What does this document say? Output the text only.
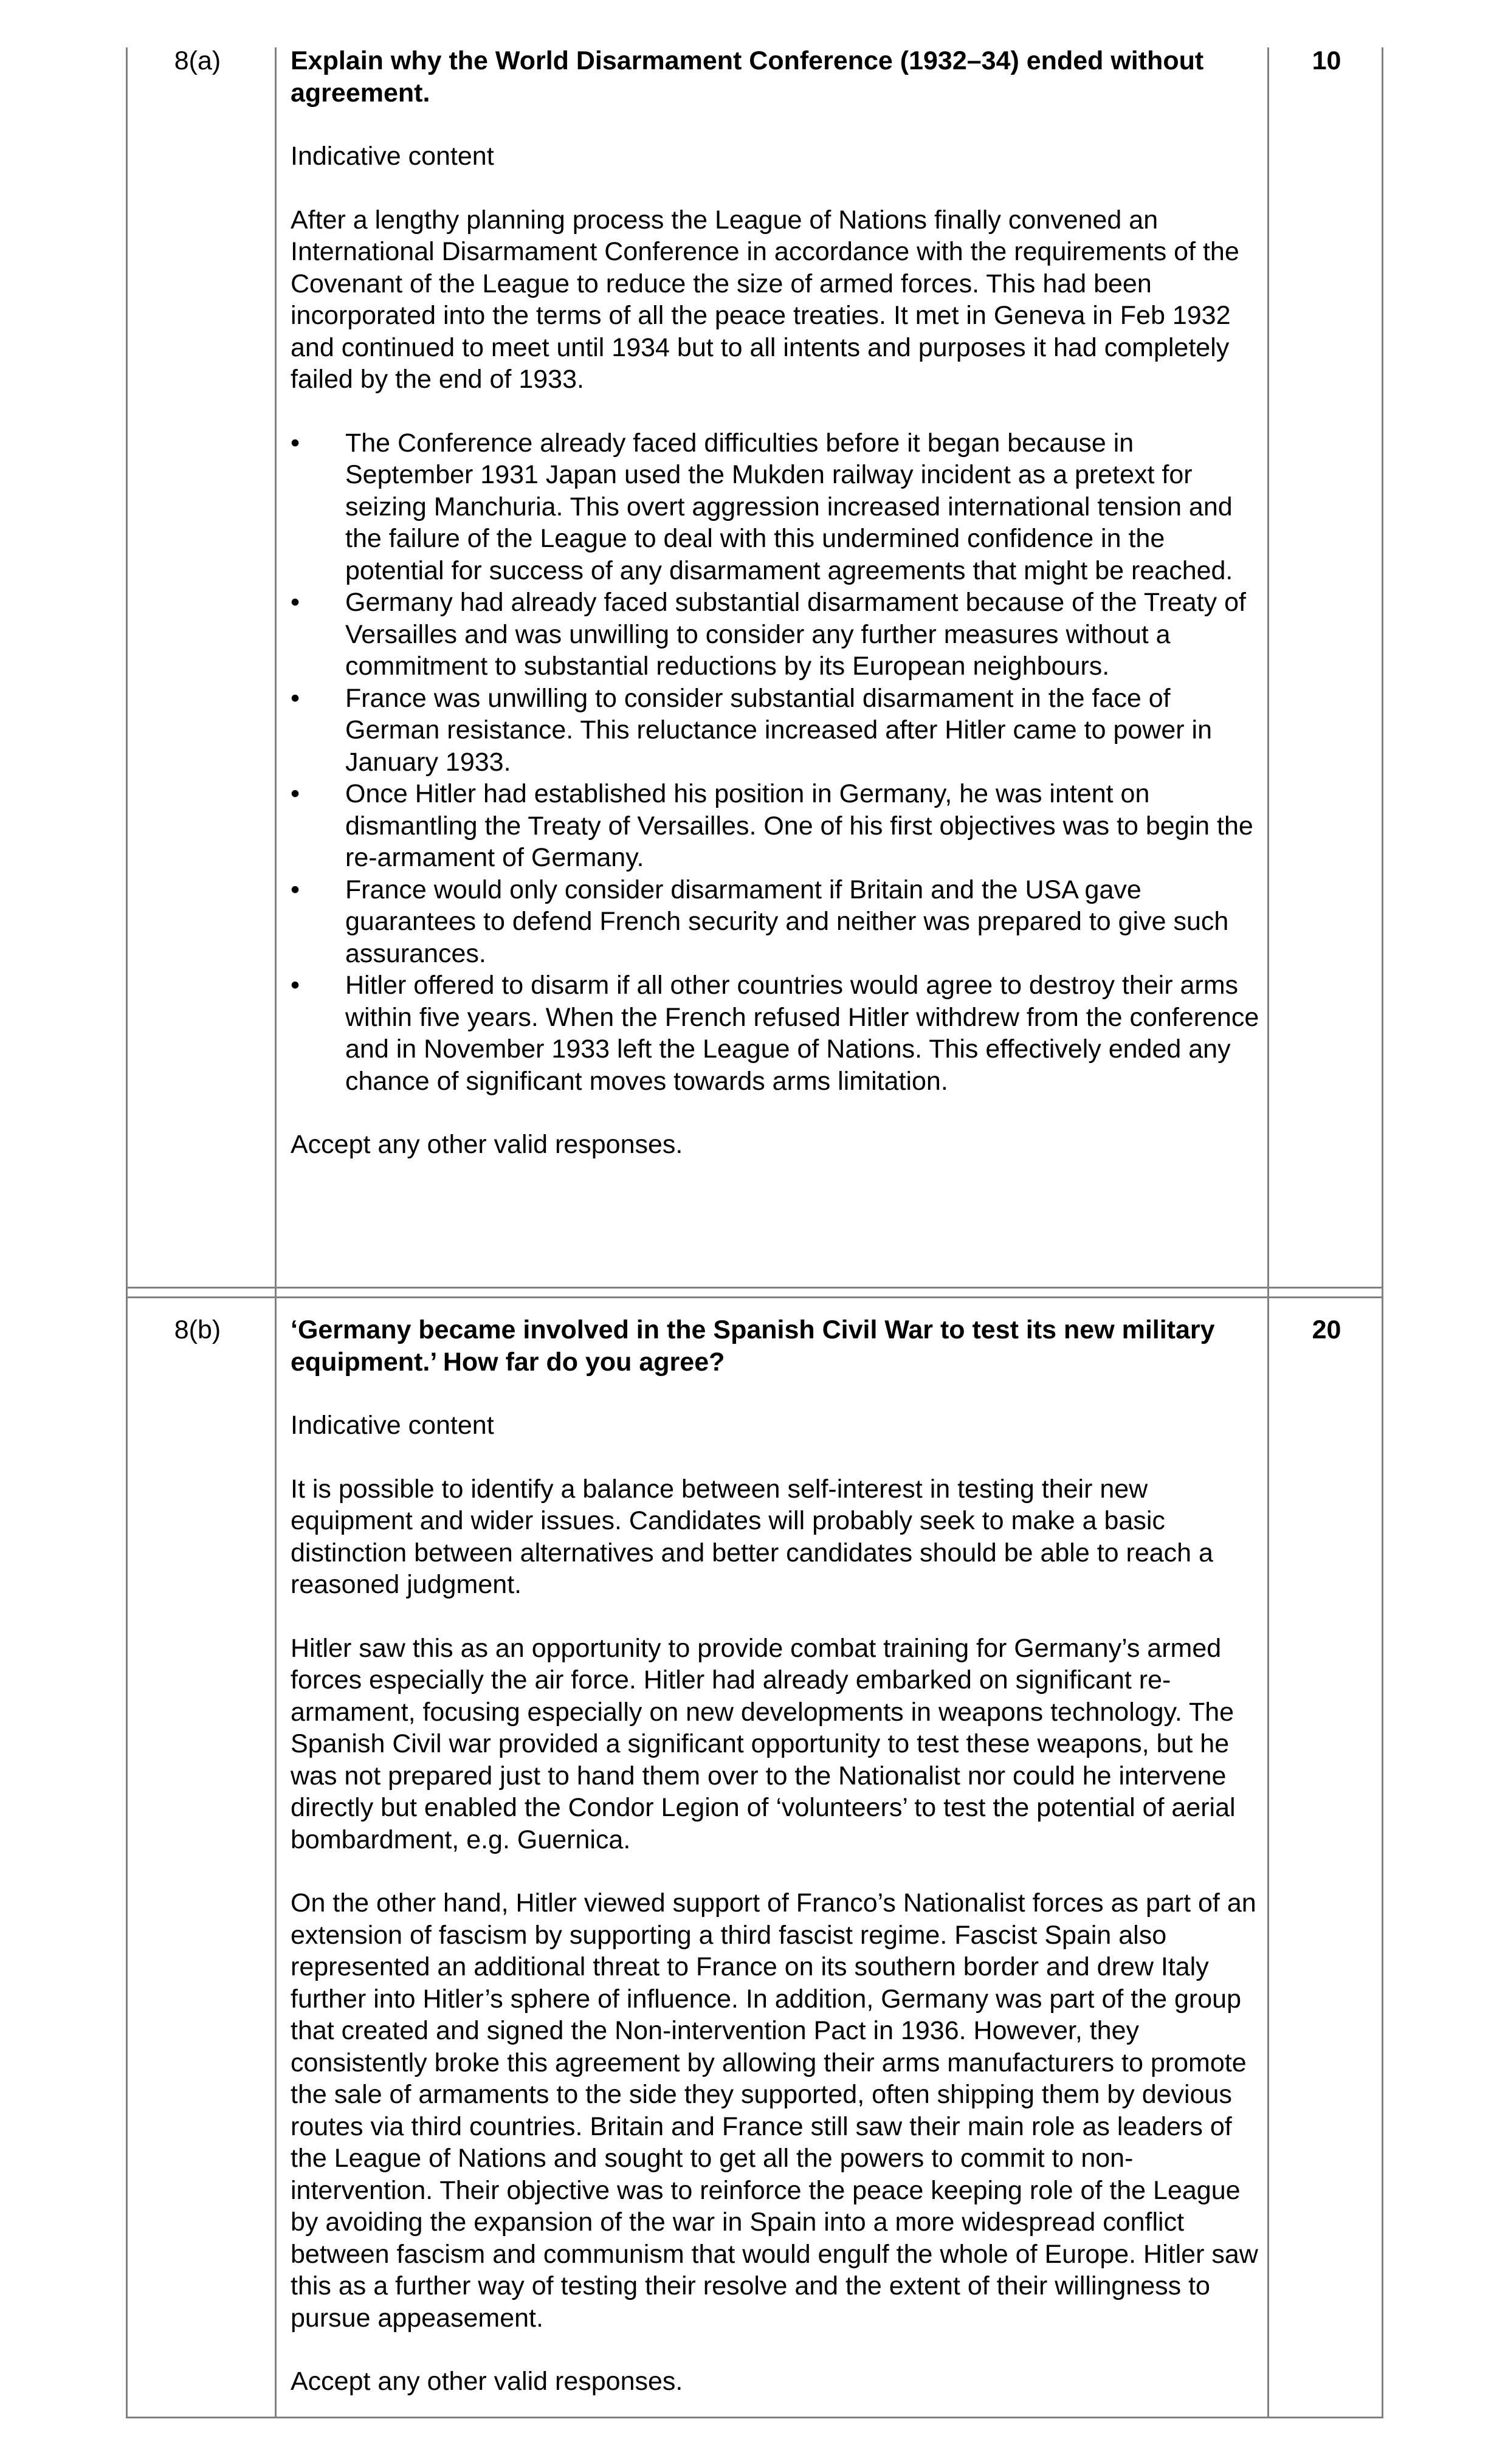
8(a)	10

Explain why the World Disarmament Conference (1932–34) ended without agreement.

Indicative content

After a lengthy planning process the League of Nations finally convened an International Disarmament Conference in accordance with the requirements of the Covenant of the League to reduce the size of armed forces. This had been incorporated into the terms of all the peace treaties. It met in Geneva in Feb 1932 and continued to meet until 1934 but to all intents and purposes it had completely failed by the end of 1933.

• The Conference already faced difficulties before it began because in September 1931 Japan used the Mukden railway incident as a pretext for seizing Manchuria. This overt aggression increased international tension and the failure of the League to deal with this undermined confidence in the potential for success of any disarmament agreements that might be reached.
• Germany had already faced substantial disarmament because of the Treaty of Versailles and was unwilling to consider any further measures without a commitment to substantial reductions by its European neighbours.
• France was unwilling to consider substantial disarmament in the face of German resistance. This reluctance increased after Hitler came to power in January 1933.
• Once Hitler had established his position in Germany, he was intent on dismantling the Treaty of Versailles. One of his first objectives was to begin the re-armament of Germany.
• France would only consider disarmament if Britain and the USA gave guarantees to defend French security and neither was prepared to give such assurances.
• Hitler offered to disarm if all other countries would agree to destroy their arms within five years. When the French refused Hitler withdrew from the conference and in November 1933 left the League of Nations. This effectively ended any chance of significant moves towards arms limitation.

Accept any other valid responses.

8(b)	20

‘Germany became involved in the Spanish Civil War to test its new military equipment.’ How far do you agree?

Indicative content

It is possible to identify a balance between self-interest in testing their new equipment and wider issues. Candidates will probably seek to make a basic distinction between alternatives and better candidates should be able to reach a reasoned judgment.

Hitler saw this as an opportunity to provide combat training for Germany’s armed forces especially the air force. Hitler had already embarked on significant re-armament, focusing especially on new developments in weapons technology. The Spanish Civil war provided a significant opportunity to test these weapons, but he was not prepared just to hand them over to the Nationalist nor could he intervene directly but enabled the Condor Legion of ‘volunteers’ to test the potential of aerial bombardment, e.g. Guernica.

On the other hand, Hitler viewed support of Franco’s Nationalist forces as part of an extension of fascism by supporting a third fascist regime. Fascist Spain also represented an additional threat to France on its southern border and drew Italy further into Hitler’s sphere of influence. In addition, Germany was part of the group that created and signed the Non-intervention Pact in 1936. However, they consistently broke this agreement by allowing their arms manufacturers to promote the sale of armaments to the side they supported, often shipping them by devious routes via third countries. Britain and France still saw their main role as leaders of the League of Nations and sought to get all the powers to commit to non-intervention. Their objective was to reinforce the peace keeping role of the League by avoiding the expansion of the war in Spain into a more widespread conflict between fascism and communism that would engulf the whole of Europe. Hitler saw this as a further way of testing their resolve and the extent of their willingness to pursue appeasement.

Accept any other valid responses.
